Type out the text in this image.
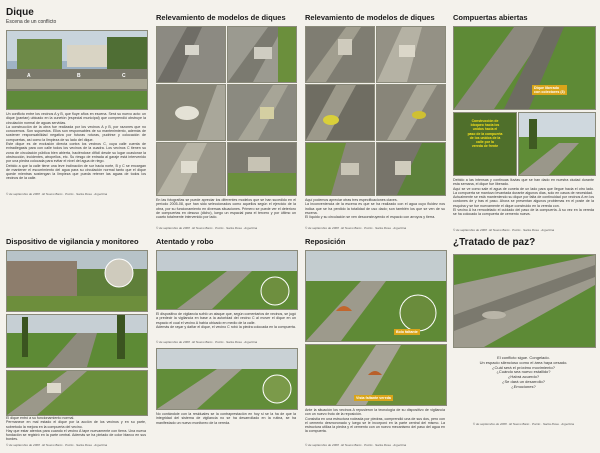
Dique
Escena de un conflicto
A	B	C
Un conflicto entre los vecinos A y B, que fluye años en escena. Será su nuevo acto: un dique (pantan) ubicado en la cunetón (especial municipal) que comprendió obstruye la circulación normal de aguas servidas.
La construcción de la obra fue realizada por los vecinos A y B, por razones que no conocemos. Son supuestos. Ellos son responsables de su mantenimiento, además de sostener responsabilidad negativa por futuras roturas, pudrirse y colocación de compuertas, así como la limpieza de su lado del dique.
Este dique es de exclusión directa contra los vecinos C, cuya calle cuenta de extradiegasis para con calle todos los vecinos de la cuadra. Los vecinos C tienen su zona de circulación pública bien abierta, haciéndose difícil desde su lugar ocasionar la obstrucción, incidentes, atropellos, etc. Su riesgo de entrada al garaje está intervenido por una piedra colocada para evitar el nivel del agua de riego.
Debido a que la calle tiene una leve inclinación de sur hacia norte, B y C se encargan de mantener el escurrimiento del agua para su circulación normal tanto que el dique quede mientras sostengan la limpieza que pueda retener las aguas de todos los vecinos de la calle.
© de septiembre de 2008 · El Nuevo Bario · Pocito · Santa Rosa · Argentina
Relevamiento de modelos de diques
En las fotografías se puede apreciar los diferentes modelos que se han sucedido en el período 2005-08, que han sido seleccionados como aquellos según el ejercicio de la obra, por su funcionamiento en diversas situaciones. Primero se puede ver el deterioro de compuertas en desuso (dicho), luego un espacial para el tercero y por último un cuarto totalmente intervenido por lado.
© de septiembre de 2008 · El Nuevo Bario · Pocito · Santa Rosa · Argentina
Relevamiento de modelos de diques
Aquí podemos apreciar otras tres especificaciones claves.
La inconveniencia de la escena es que se ha realizado con el agua cuyo fluidez nos indica que se ha perdido la totalidad de uso dado; son también los que se ven de su escena.
El líquido y su circulación se ven desconstruyendo el espacio con arroyos y tierra.
© de septiembre de 2008 · El Nuevo Bario · Pocito · Santa Rosa · Argentina
Compuertas abiertas
Dique liberado
con colectores (3)
Construcción de
bloqueo hacia los
unidos hacia el
paso de la compuerta
de los unidos de la
calle por la
vereda de frente
Debido a las intensas y continuas lluvias que se han dado en nuestra ciudad durante esta semana, el dique fue liberado.
Aquí se ve como sale el agua de cuneta de un lado para que llegue hacia el otro lado. La compuerta se mantuvo levantada durante algunos días, solo en casos de necesidad.
Actualmente se está manteniendo su dique por falta de continuidad por vecinos A en los cordones de y tras el paso. Ahora se presentan algunos problemas en el poste de la esquina y se fue nuevamente el dique construido en la vereda con.
El vecino A ha remodelado el cuidado del paso de la compuerta. A su vez en la vereda se ha colocado la compuerta de cemento nueva.
© de septiembre de 2008 · El Nuevo Bario · Pocito · Santa Rosa · Argentina
Dispositivo de vigilancia y monitoreo
El dique entró a su funcionamiento normal.
Permanece en mal estado el dique por la acción de los vecinos y en su parte, sobretodo la mejora en la compuerta del vecino.
Hay que estar atentos para cuando el vecino A tape nuevamente con tierra. Una nueva fundación se registró en la parte central. Además se ha pintado de color blanco en sus bordes.
© de septiembre de 2008 · El Nuevo Bario · Pocito · Santa Rosa · Argentina
Atentado y robo
El dispositivo de vigilancia sufrió un ataque que, según comentarios de vecinos, se jugó a predecir la vigilancia en base a la autoridad del vecino C al mover el dique en un espacio el cual el vecino A había ubicado en medio de la calle.
Además de rayar y dañar el dique, el vecino C robó la piedra colocada en la compuerta.
© de septiembre de 2008 · El Nuevo Bario · Pocito · Santa Rosa · Argentina
No contándole con la residuales se la contraprestación en hoy si se la ha de que la integridad del sistema de vigilancia no se ha desarrollado en la rutina, se ha manifestado un nuevo monitoreo de la vereda.
Reposición
Bolo faltante
Vista faltante vereda
Ante la situación los vecinos A repusieron la tecnología de su dispositivo de vigilancia con un nuevo fruto de la reposición.
Consistía en una estructura rodeada por piedras, comprendió una de sus dos, pero con el cemento desmoronado y luego se le incorporó en la parte central del mismo. La estructura utiliza la piedra y el cemento con un nuevo mecanismo del paso del agua en la compuerta.
© de septiembre de 2008 · El Nuevo Bario · Pocito · Santa Rosa · Argentina
¿Tratado de paz?
El conflicto sigue. Congelado.
Un espacio silencioso como el área haya cesado.
¿Cuál será el próximo movimiento?
¿Cuándo sea nuevo estallido?
¿Habrá acuerdo?
¿Se dará un desarrollo?
¿Emociones?
© de septiembre de 2008 · El Nuevo Bario · Pocito · Santa Rosa · Argentina
